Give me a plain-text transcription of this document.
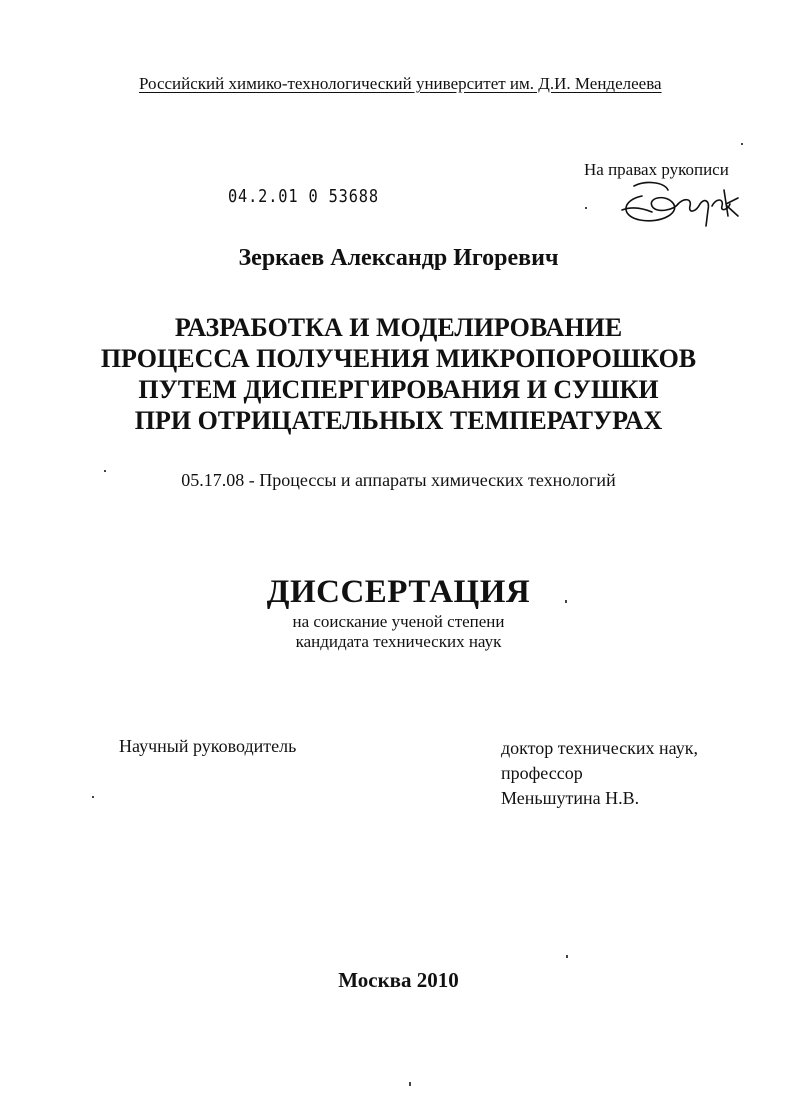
Российский химико-технологический университет им. Д.И. Менделеева
На правах рукописи
04.2.01 0 53688
Зеркаев Александр Игоревич
РАЗРАБОТКА И МОДЕЛИРОВАНИЕ
ПРОЦЕССА ПОЛУЧЕНИЯ МИКРОПОРОШКОВ
ПУТЕМ ДИСПЕРГИРОВАНИЯ И СУШКИ
ПРИ ОТРИЦАТЕЛЬНЫХ ТЕМПЕРАТУРАХ
05.17.08 - Процессы и аппараты химических технологий
ДИССЕРТАЦИЯ
на соискание ученой степени
кандидата технических наук
Научный руководитель	доктор технических наук,
профессор
Меньшутина Н.В.
Москва 2010
